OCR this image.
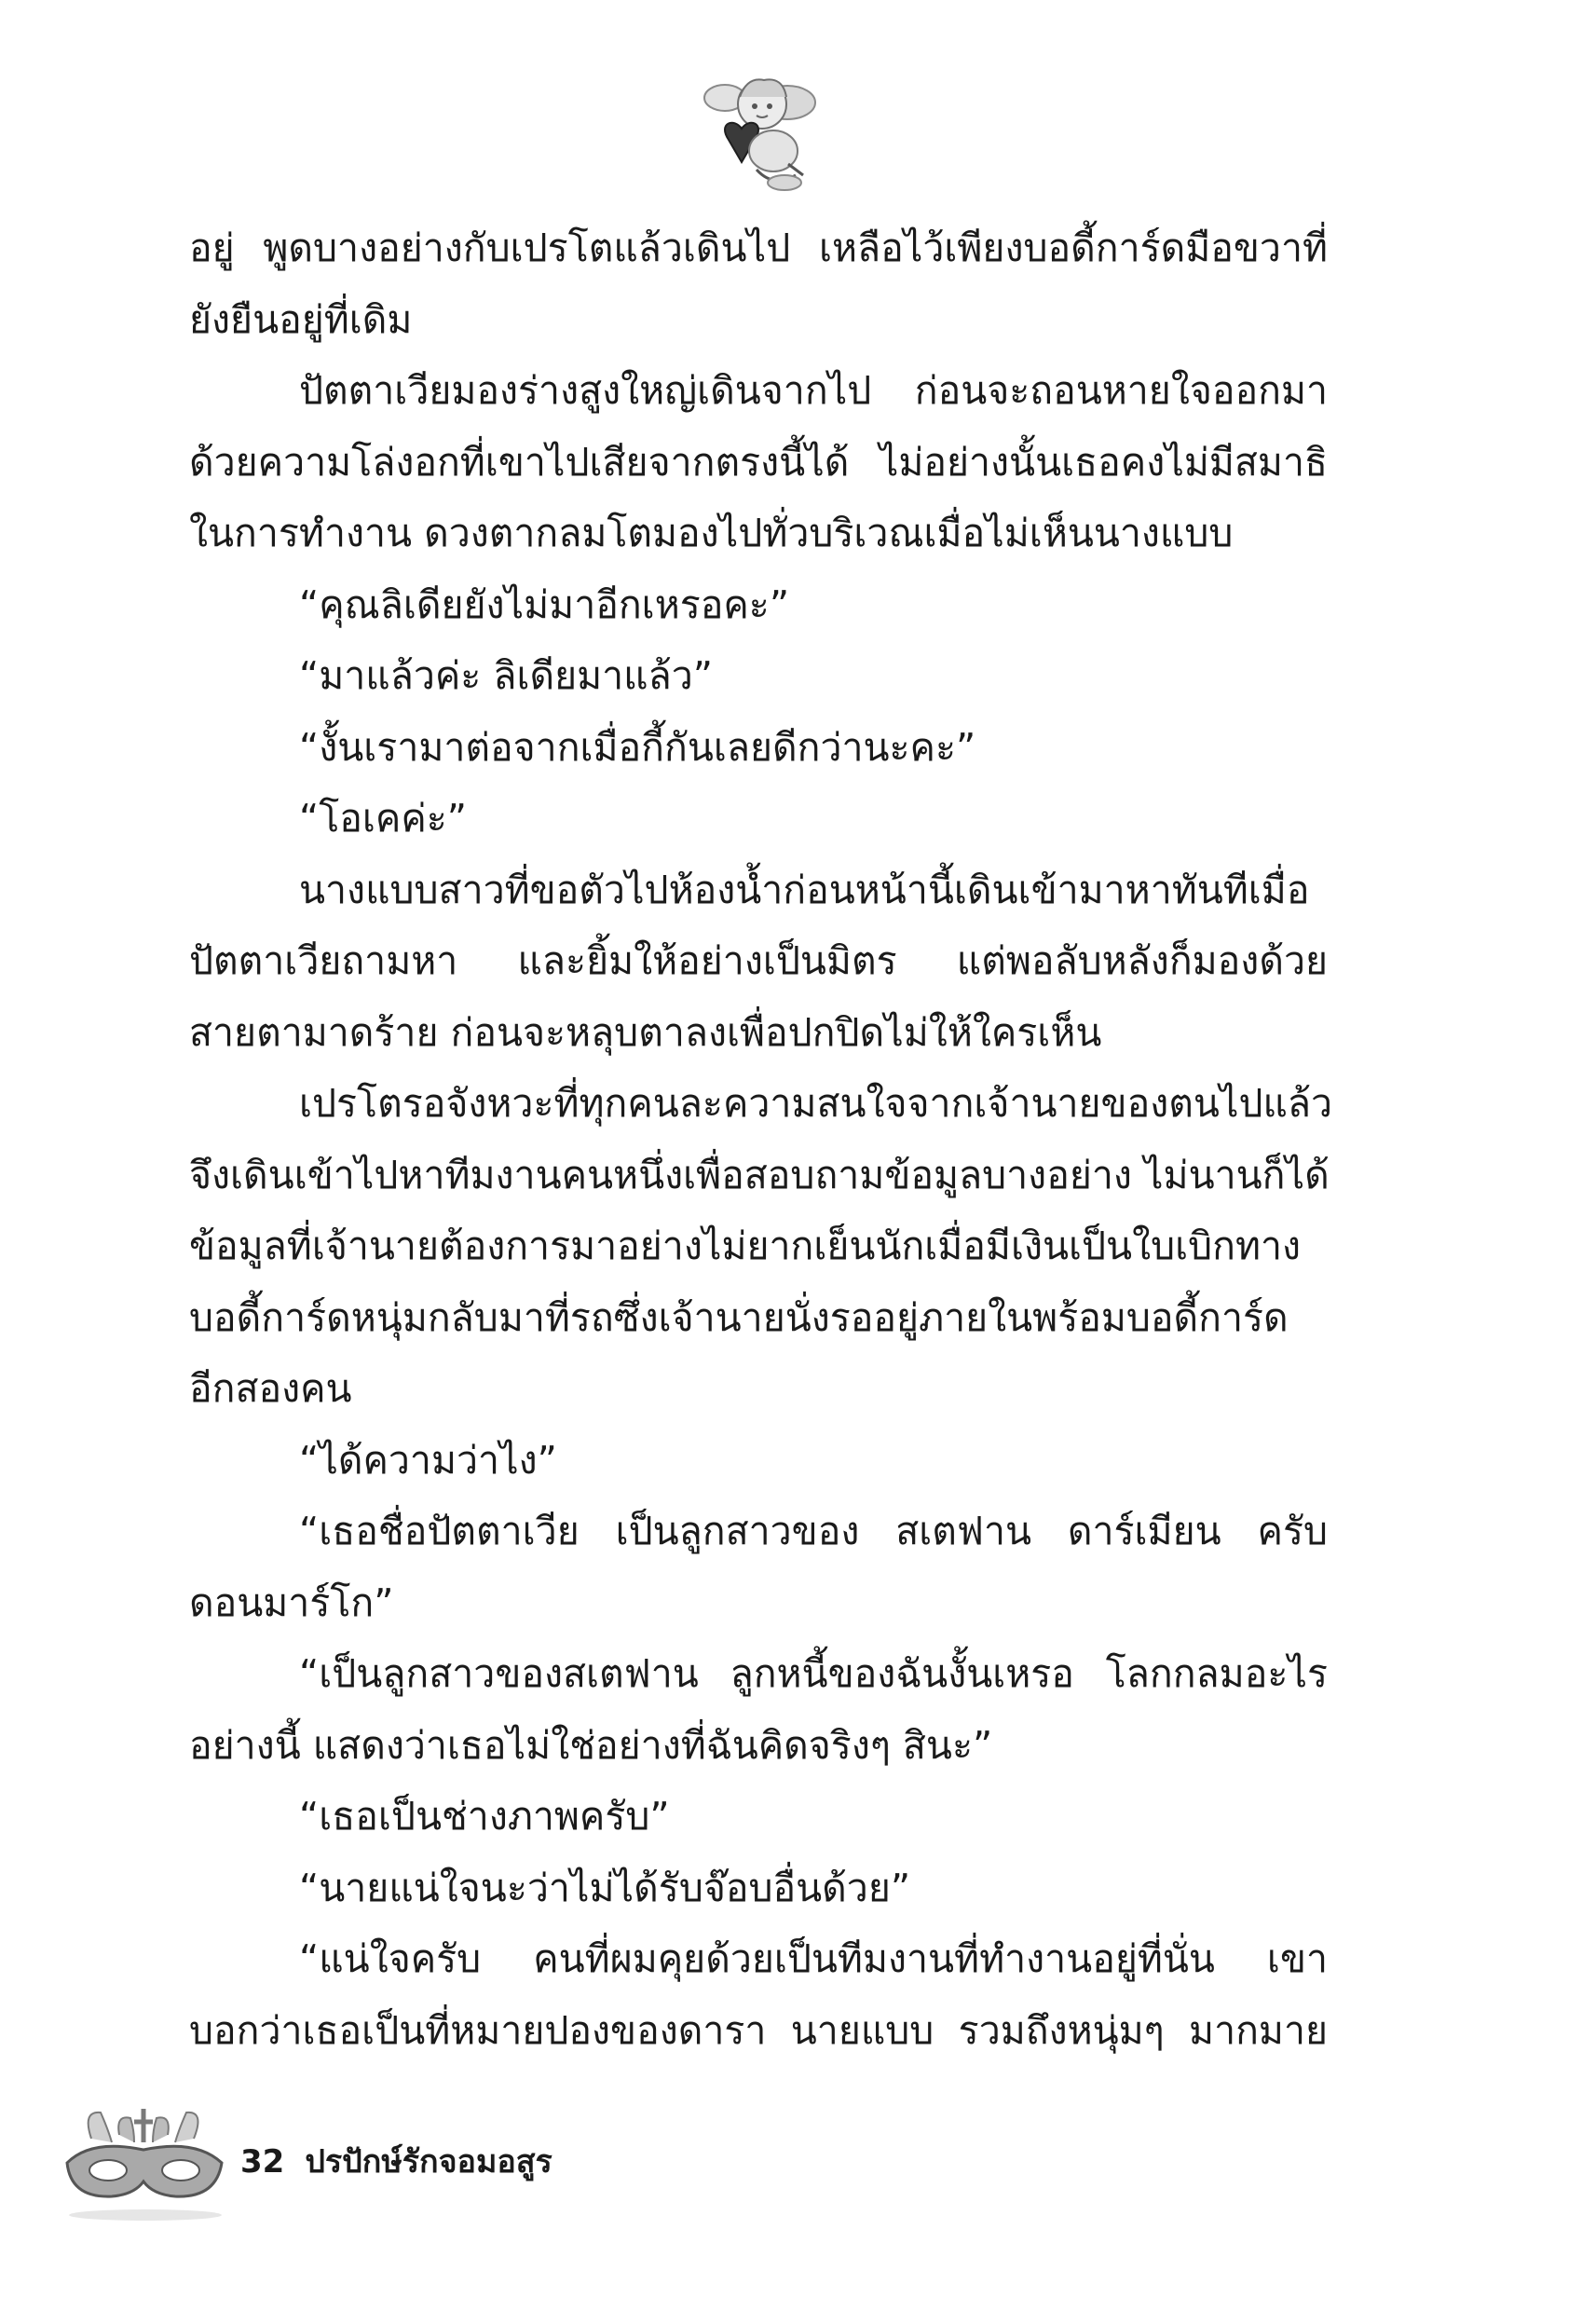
อยู่ พูดบางอย่างกับเปรโตแล้วเดินไป เหลือไว้เพียงบอดี้การ์ดมือขวาที่
ยังยืนอยู่ที่เดิม
ปัตตาเวียมองร่างสูงใหญ่เดินจากไป ก่อนจะถอนหายใจออกมา
ด้วยความโล่งอกที่เขาไปเสียจากตรงนี้ได้ ไม่อย่างนั้นเธอคงไม่มีสมาธิ
ในการทำงาน ดวงตากลมโตมองไปทั่วบริเวณเมื่อไม่เห็นนางแบบ
“คุณลิเดียยังไม่มาอีกเหรอคะ”
“มาแล้วค่ะ ลิเดียมาแล้ว”
“งั้นเรามาต่อจากเมื่อกี้กันเลยดีกว่านะคะ”
“โอเคค่ะ”
นางแบบสาวที่ขอตัวไปห้องน้ำก่อนหน้านี้เดินเข้ามาหาทันทีเมื่อ
ปัตตาเวียถามหา และยิ้มให้อย่างเป็นมิตร แต่พอลับหลังก็มองด้วย
สายตามาดร้าย ก่อนจะหลุบตาลงเพื่อปกปิดไม่ให้ใครเห็น
เปรโตรอจังหวะที่ทุกคนละความสนใจจากเจ้านายของตนไปแล้ว
จึงเดินเข้าไปหาทีมงานคนหนึ่งเพื่อสอบถามข้อมูลบางอย่าง ไม่นานก็ได้
ข้อมูลที่เจ้านายต้องการมาอย่างไม่ยากเย็นนักเมื่อมีเงินเป็นใบเบิกทาง
บอดี้การ์ดหนุ่มกลับมาที่รถซึ่งเจ้านายนั่งรออยู่ภายในพร้อมบอดี้การ์ด
อีกสองคน
“ได้ความว่าไง”
“เธอชื่อปัตตาเวีย เป็นลูกสาวของ สเตฟาน ดาร์เมียน ครับ
ดอนมาร์โก”
“เป็นลูกสาวของสเตฟาน ลูกหนี้ของฉันงั้นเหรอ โลกกลมอะไร
อย่างนี้ แสดงว่าเธอไม่ใช่อย่างที่ฉันคิดจริงๆ สินะ”
“เธอเป็นช่างภาพครับ”
“นายแน่ใจนะว่าไม่ได้รับจ๊อบอื่นด้วย”
“แน่ใจครับ คนที่ผมคุยด้วยเป็นทีมงานที่ทำงานอยู่ที่นั่น เขา
บอกว่าเธอเป็นที่หมายปองของดารา นายแบบ รวมถึงหนุ่มๆ มากมาย
32 ปรปักษ์รักจอมอสูร
